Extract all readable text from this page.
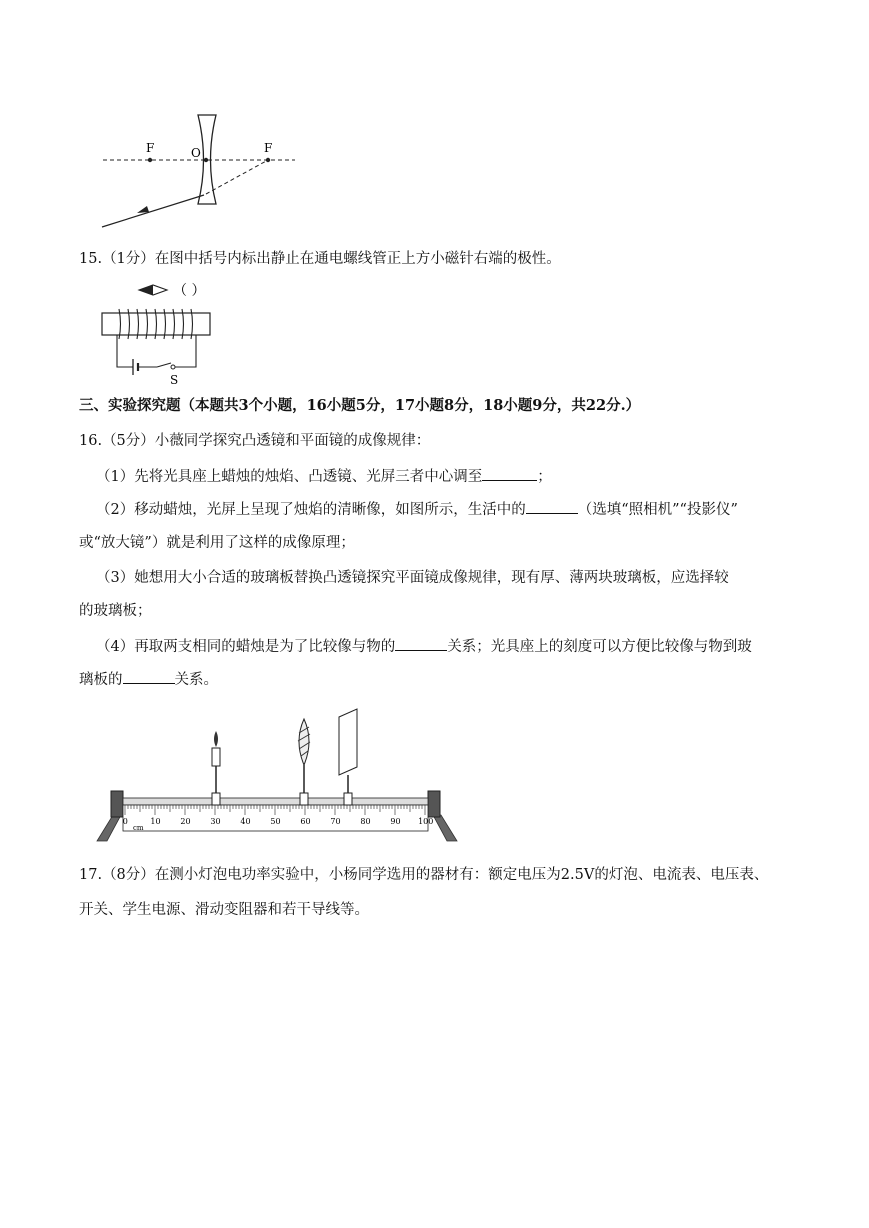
F	O	F
15.（1分）在图中括号内标出静止在通电螺线管正上方小磁针右端的极性。
（ ）
S
三、实验探究题（本题共3个小题，16小题5分，17小题8分，18小题9分，共22分.）
16.（5分）小薇同学探究凸透镜和平面镜的成像规律：
（1）先将光具座上蜡烛的烛焰、凸透镜、光屏三者中心调至	；
（2）移动蜡烛，光屏上呈现了烛焰的清晰像，如图所示，生活中的	（选填“照相机”“投影仪”
或“放大镜”）就是利用了这样的成像原理；
（3）她想用大小合适的玻璃板替换凸透镜探究平面镜成像规律，现有厚、薄两块玻璃板，应选择较
的玻璃板；
（4）再取两支相同的蜡烛是为了比较像与物的	关系；光具座上的刻度可以方便比较像与物到玻
璃板的	关系。
0	10 20 30 40 50 60 70 80 90 100
cm
17.（8分）在测小灯泡电功率实验中，小杨同学选用的器材有：额定电压为2.5V的灯泡、电流表、电压表、
开关、学生电源、滑动变阻器和若干导线等。
